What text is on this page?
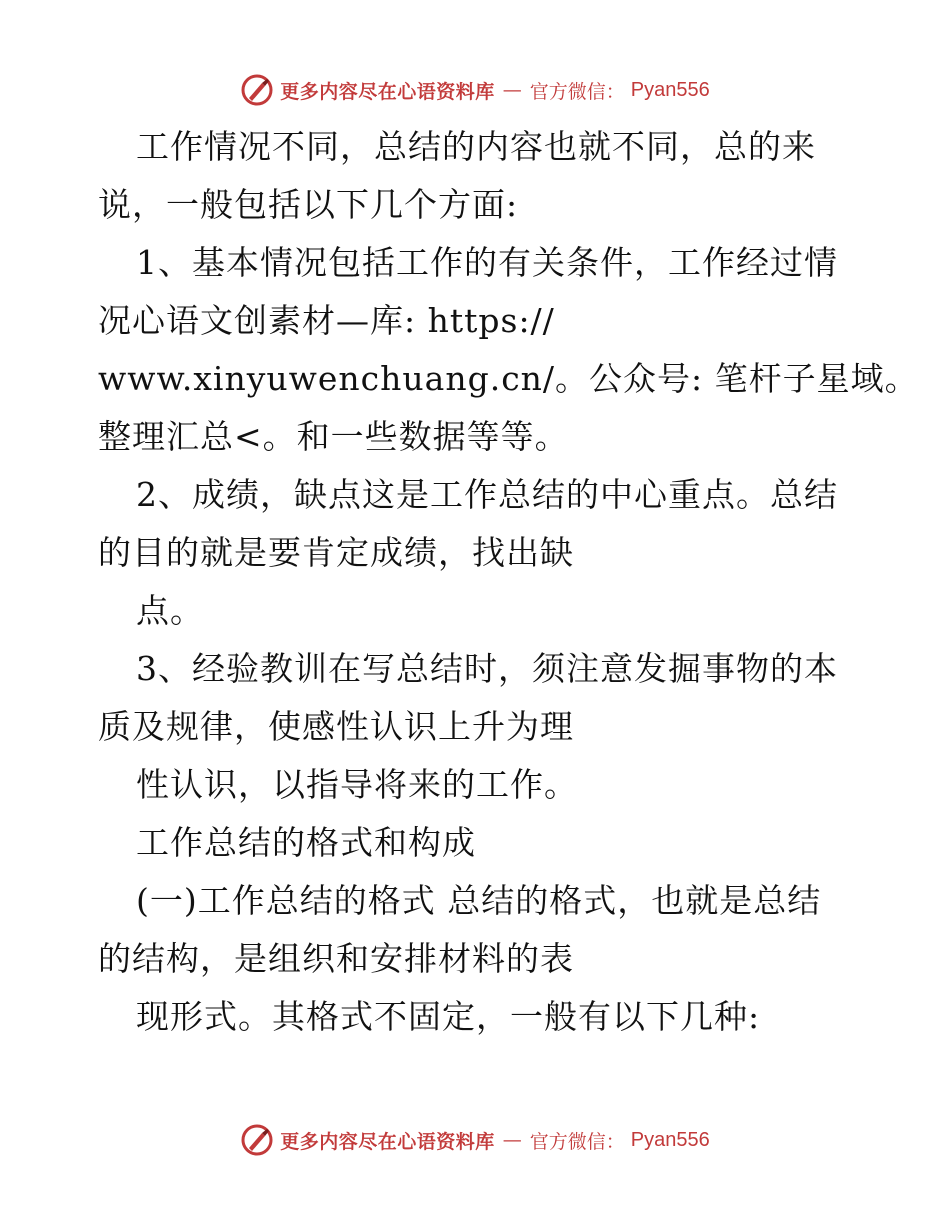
更多内容尽在心语资料库 — 官方微信： Pyan556
工作情况不同，总结的内容也就不同，总的来
说，一般包括以下几个方面:
1、基本情况包括工作的有关条件，工作经过情
况心语文创素材—库: https://
www.xinyuwenchuang.cn/。公众号: 笔杆子星域。
整理汇总<。和一些数据等等。
2、成绩，缺点这是工作总结的中心重点。总结
的目的就是要肯定成绩，找出缺
点。
3、经验教训在写总结时，须注意发掘事物的本
质及规律，使感性认识上升为理
性认识，以指导将来的工作。
工作总结的格式和构成
(一)工作总结的格式 总结的格式，也就是总结
的结构，是组织和安排材料的表
现形式。其格式不固定，一般有以下几种:
更多内容尽在心语资料库 — 官方微信： Pyan556
